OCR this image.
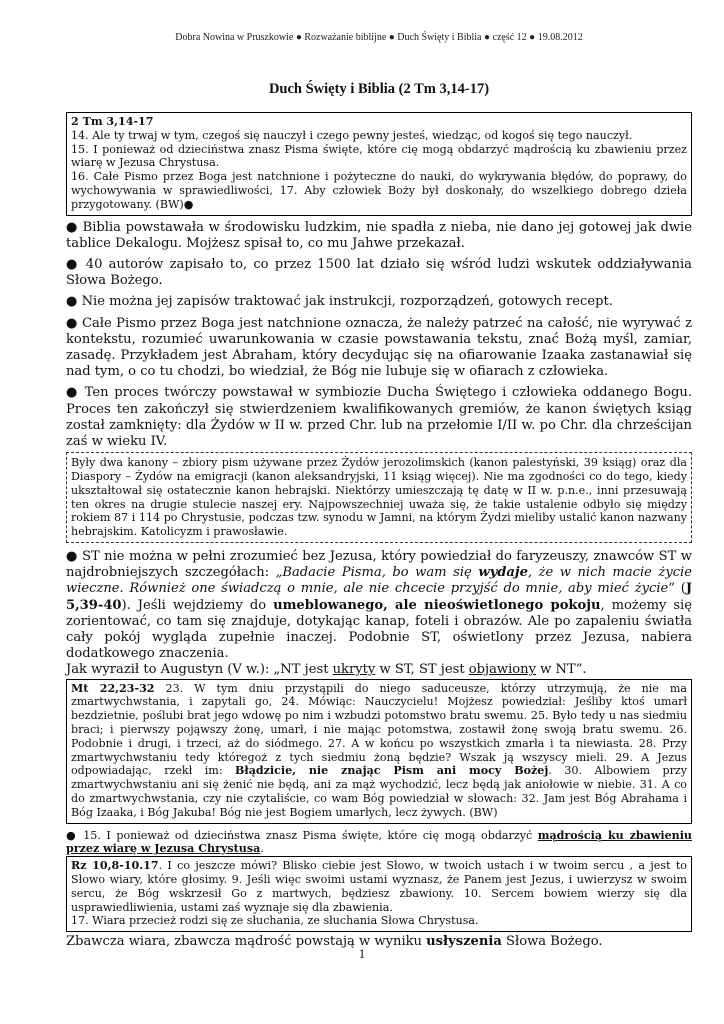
Dobra Nowina w Pruszkowie ● Rozważanie biblijne ● Duch Święty i Biblia ● część 12 ● 19.08.2012
Duch Święty i Biblia (2 Tm 3,14-17)

2 Tm 3,14-17

14. Ale ty trwaj w tym, czegoś się nauczył i czego pewny jesteś, wiedząc, od kogoś się tego nauczył.

15. I ponieważ od dzieciństwa znasz Pisma święte, które cię mogą obdarzyć mądrością ku zbawieniu przez wiarę w Jezusa Chrystusa.

16. Całe Pismo przez Boga jest natchnione i pożyteczne do nauki, do wykrywania błędów, do poprawy, do wychowywania w sprawiedliwości, 17. Aby człowiek Boży był doskonały, do wszelkiego dobrego dzieła przygotowany. (BW)●

● Biblia powstawała w środowisku ludzkim, nie spadła z nieba, nie dano jej gotowej jak dwie tablice Dekalogu. Mojżesz spisał to, co mu Jahwe przekazał.

● 40 autorów zapisało to, co przez 1500 lat działo się wśród ludzi wskutek oddziaływania Słowa Bożego.

● Nie można jej zapisów traktować jak instrukcji, rozporządzeń, gotowych recept.

● Całe Pismo przez Boga jest natchnione oznacza, że należy patrzeć na całość, nie wyrywać z kontekstu, rozumieć uwarunkowania w czasie powstawania tekstu, znać Bożą myśl, zamiar, zasadę. Przykładem jest Abraham, który decydując się na ofiarowanie Izaaka zastanawiał się nad tym, o co tu chodzi, bo wiedział, że Bóg nie lubuje się w ofiarach z człowieka.

● Ten proces twórczy powstawał w symbiozie Ducha Świętego i człowieka oddanego Bogu. Proces ten zakończył się stwierdzeniem kwalifikowanych gremiów, że kanon świętych ksiąg został zamknięty: dla Żydów w II w. przed Chr. lub na przełomie I/II w. po Chr. dla chrześcijan zaś w wieku IV.

Były dwa kanony – zbiory pism używane przez Żydów jerozolimskich (kanon palestyński, 39 ksiąg) oraz dla Diaspory – Żydów na emigracji (kanon aleksandryjski, 11 ksiąg więcej). Nie ma zgodności co do tego, kiedy ukształtował się ostatecznie kanon hebrajski. Niektórzy umieszczają tę datę w II w. p.n.e., inni przesuwają ten okres na drugie stulecie naszej ery. Najpowszechniej uważa się, że takie ustalenie odbyło się między rokiem 87 i 114 po Chrystusie, podczas tzw. synodu w Jamni, na którym Żydzi mieliby ustalić kanon nazwany hebrajskim. Katolicyzm i prawosławie.

● ST nie można w pełni zrozumieć bez Jezusa, który powiedział do faryzeuszy, znawców ST w najdrobniejszych szczegółach: „Badacie Pisma, bo wam się wydaje, że w nich macie życie wieczne. Również one świadczą o mnie, ale nie chcecie przyjść do mnie, aby mieć życie” (J 5,39-40). Jeśli wejdziemy do umeblowanego, ale nieoświetlonego pokoju, możemy się zorientować, co tam się znajduje, dotykając kanap, foteli i obrazów. Ale po zapaleniu światła cały pokój wygląda zupełnie inaczej. Podobnie ST, oświetlony przez Jezusa, nabiera dodatkowego znaczenia.

Jak wyraził to Augustyn (V w.): „NT jest ukryty w ST, ST jest objawiony w NT”.

Mt 22,23-32 23. W tym dniu przystąpili do niego saduceusze, którzy utrzymują, że nie ma zmartwychwstania, i zapytali go, 24. Mówiąc: Nauczycielu! Mojżesz powiedział: Jeśliby ktoś umarł bezdzietnie, poślubi brat jego wdowę po nim i wzbudzi potomstwo bratu swemu. 25. Było tedy u nas siedmiu braci; i pierwszy pojąwszy żonę, umarł, i nie mając potomstwa, zostawił żonę swoją bratu swemu. 26. Podobnie i drugi, i trzeci, aż do siódmego. 27. A w końcu po wszystkich zmarła i ta niewiasta. 28. Przy zmartwychwstaniu tedy któregoż z tych siedmiu żoną będzie? Wszak ją wszyscy mieli. 29. A Jezus odpowiadając, rzekł im: Błądzicie, nie znając Pism ani mocy Bożej. 30. Albowiem przy zmartwychwstaniu ani się żenić nie będą, ani za mąż wychodzić, lecz będą jak aniołowie w niebie. 31. A co do zmartwychwstania, czy nie czytaliście, co wam Bóg powiedział w słowach: 32. Jam jest Bóg Abrahama i Bóg Izaaka, i Bóg Jakuba! Bóg nie jest Bogiem umarłych, lecz żywych. (BW)

● 15. I ponieważ od dzieciństwa znasz Pisma święte, które cię mogą obdarzyć mądrością ku zbawieniu przez wiarę w Jezusa Chrystusa.

Rz 10,8-10.17. I co jeszcze mówi? Blisko ciebie jest Słowo, w twoich ustach i w twoim sercu , a jest to Słowo wiary, które głosimy. 9. Jeśli więc swoimi ustami wyznasz, że Panem jest Jezus, i uwierzysz w swoim sercu, że Bóg wskrzesił Go z martwych, będziesz zbawiony. 10. Sercem bowiem wierzy się dla usprawiedliwienia, ustami zaś wyznaje się dla zbawienia.

17. Wiara przecież rodzi się ze słuchania, ze słuchania Słowa Chrystusa.

Zbawcza wiara, zbawcza mądrość powstają w wyniku usłyszenia Słowa Bożego.

1
